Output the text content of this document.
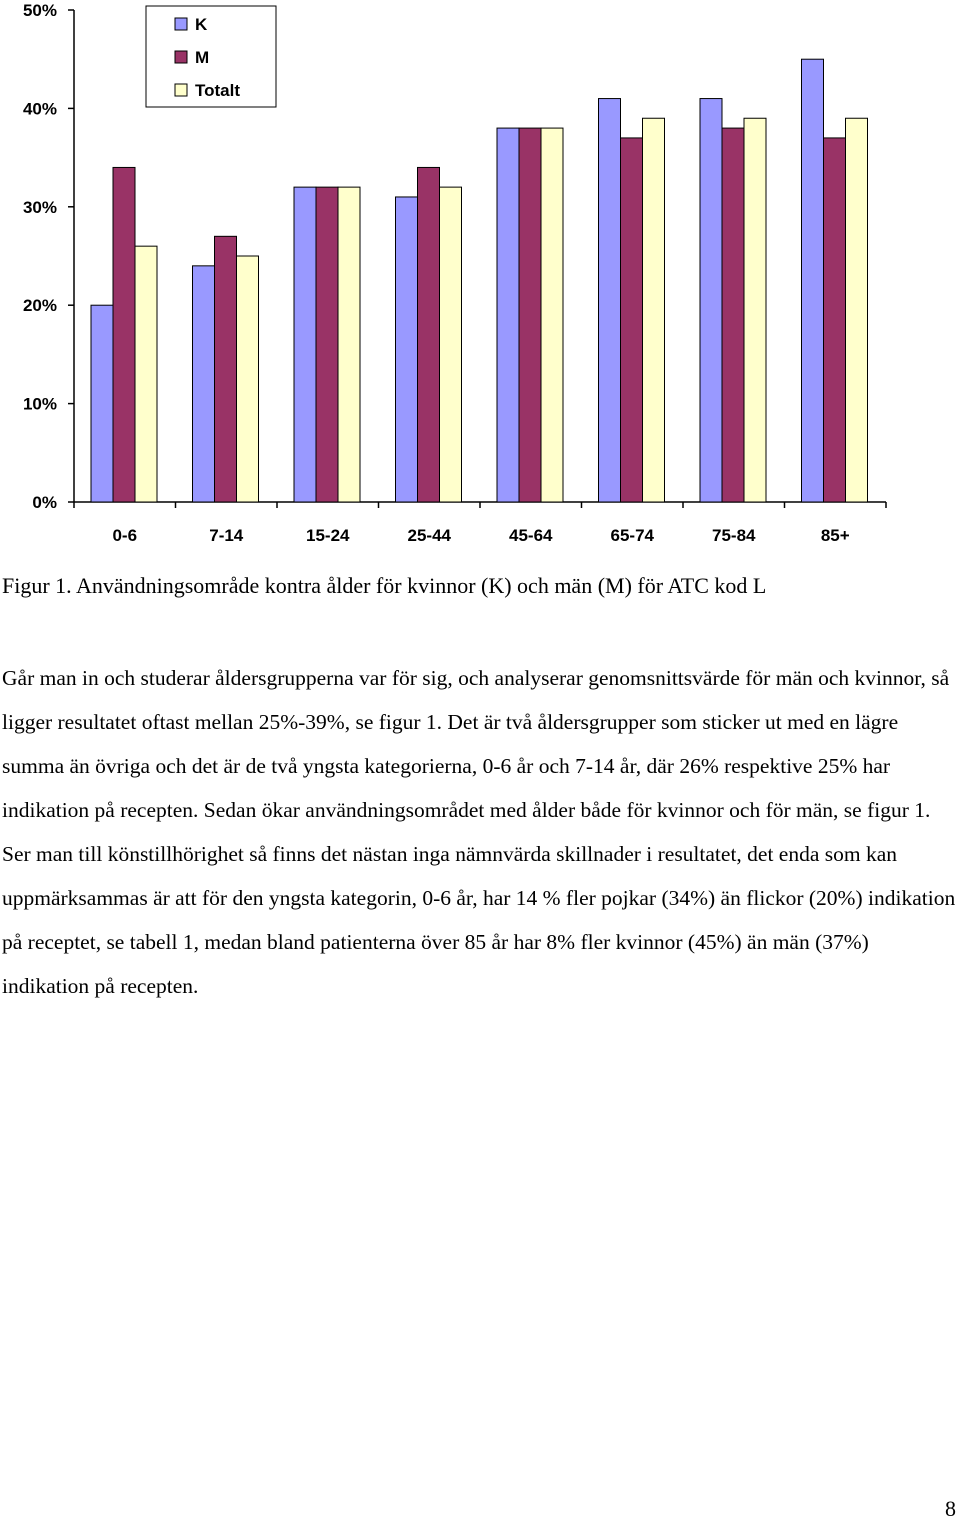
0%
10%
20%
30%
40%
50%
0-6	7-14	15-24	25-44	45-64	65-74	75-84	85+
K
M
Totalt
Figur 1. Användningsområde kontra ålder för kvinnor (K) och män (M) för ATC kod L

Går man in och studerar åldersgrupperna var för sig, och analyserar genomsnittsvärde för män och kvinnor, så ligger resultatet oftast mellan 25%-39%, se figur 1. Det är två åldersgrupper som sticker ut med en lägre summa än övriga och det är de två yngsta kategorierna, 0-6 år och 7-14 år, där 26% respektive 25% har indikation på recepten. Sedan ökar användningsområdet med ålder både för kvinnor och för män, se figur 1.

Ser man till könstillhörighet så finns det nästan inga nämnvärda skillnader i resultatet, det enda som kan uppmärksammas är att för den yngsta kategorin, 0-6 år, har 14 % fler pojkar (34%) än flickor (20%) indikation på receptet, se tabell 1, medan bland patienterna över 85 år har 8% fler kvinnor (45%) än män (37%) indikation på recepten.

8
